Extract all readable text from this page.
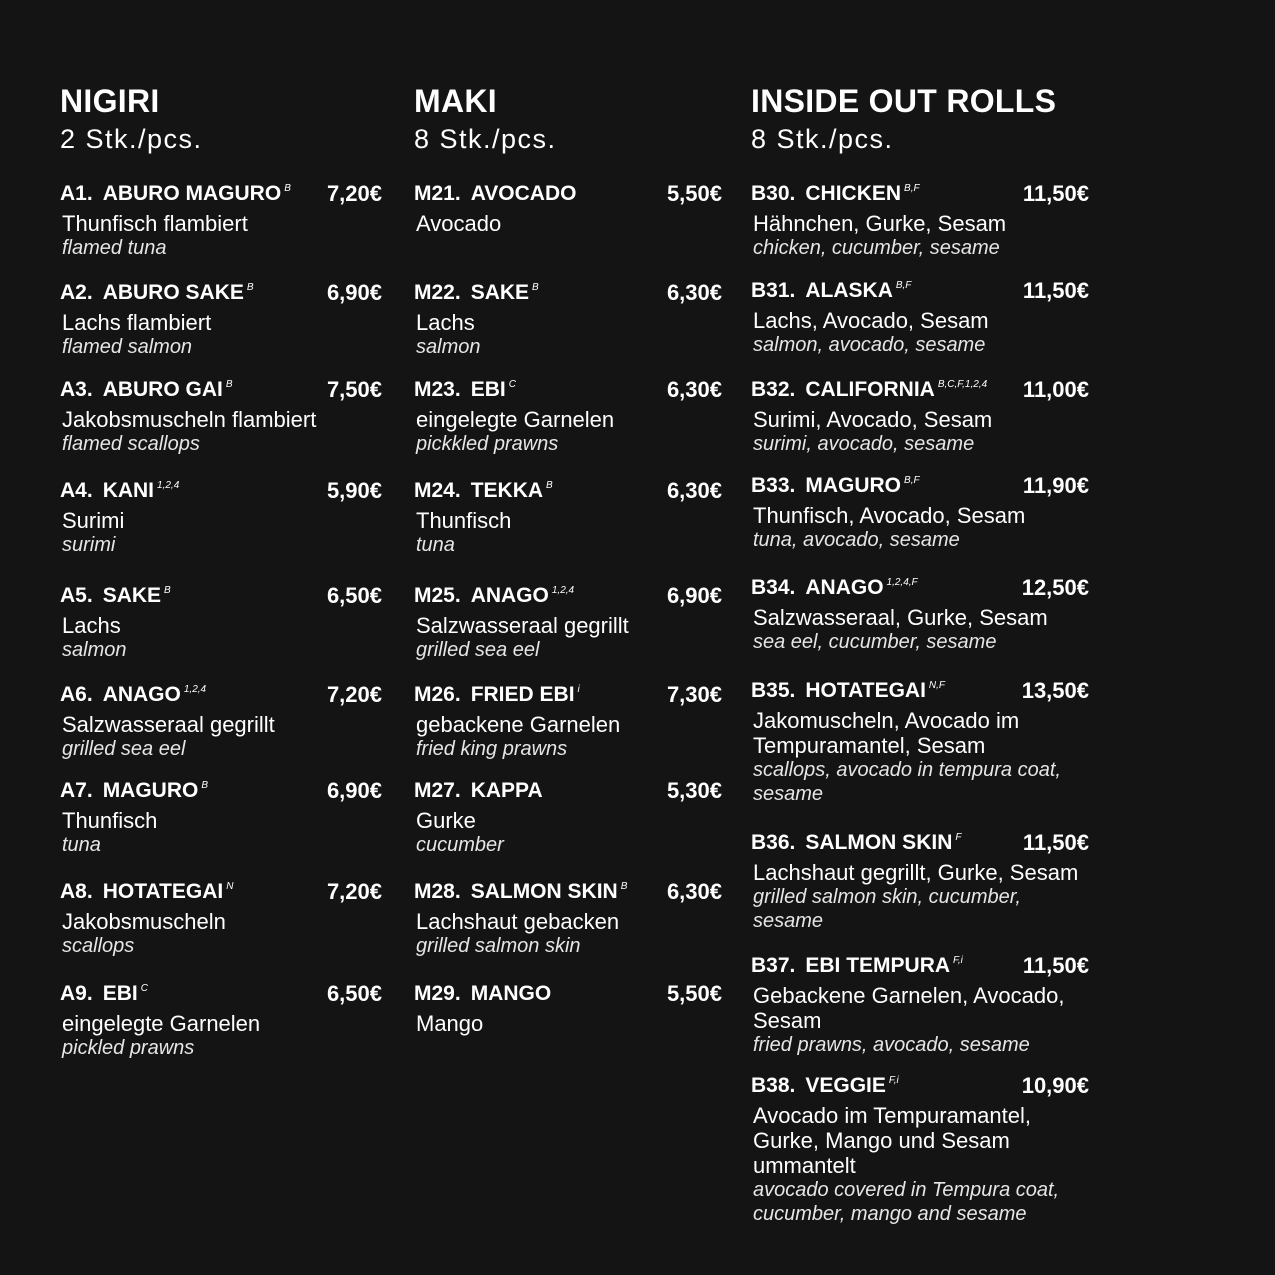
NIGIRI
2 Stk./pcs.
A1. ABURO MAGURO $^B$ 7,20€
Thunfisch flambiert
flamed tuna
A2. ABURO SAKE $^B$	6,90€
Lachs flambiert
flamed salmon
A3. ABURO GAI $^B$	7,50€
Jakobsmuscheln flambiert
flamed scallops
A4. KANI $^{1,2,4}$	5,90€
Surimi
surimi
A5. SAKE $^B$	6,50€
Lachs
salmon
A6. ANAGO $^{1,2,4}$	7,20€
Salzwasseraal gegrillt
grilled sea eel
A7. MAGURO $^B$	6,90€
Thunfisch
tuna
A8. HOTATEGAI $^N$	7,20€
Jakobsmuscheln
scallops
A9. EBI $^C$	6,50€
eingelegte Garnelen
pickled prawns
MAKI
8 Stk./pcs.
M21. AVOCADO	5,50€
Avocado
M22. SAKE $^B$	6,30€
Lachs
salmon
M23. EBI $^C$	6,30€
eingelegte Garnelen
pickkled prawns
M24. TEKKA $^B$	6,30€
Thunfisch
tuna
M25. ANAGO $^{1,2,4}$	6,90€
Salzwasseraal gegrillt
grilled sea eel
M26. FRIED EBI $^i$	7,30€
gebackene Garnelen
fried king prawns
M27. KAPPA	5,30€
Gurke
cucumber
M28. SALMON SKIN $^B$ 6,30€
Lachshaut gebacken
grilled salmon skin
M29. MANGO	5,50€
Mango
INSIDE OUT ROLLS
8 Stk./pcs.
B30. CHICKEN $^{B,F}$	11,50€
Hähnchen, Gurke, Sesam
chicken, cucumber, sesame
B31. ALASKA $^{B,F}$	11,50€
Lachs, Avocado, Sesam
salmon, avocado, sesame
B32. CALIFORNIA $^{B,C,F,1,2,4}$ 11,00€
Surimi, Avocado, Sesam
surimi, avocado, sesame
B33. MAGURO $^{B,F}$	11,90€
Thunfisch, Avocado, Sesam
tuna, avocado, sesame
B34. ANAGO $^{1,2,4,F}$	12,50€
Salzwasseraal, Gurke, Sesam
sea eel, cucumber, sesame
B35. HOTATEGAI $^{N,F}$	13,50€
Jakomuscheln, Avocado im Tempuramantel, Sesam
scallops, avocado in tempura coat, sesame
B36. SALMON SKIN $^F$	11,50€
Lachshaut gegrillt, Gurke, Sesam
grilled salmon skin, cucumber, sesame
B37. EBI TEMPURA $^{F,i}$	11,50€
Gebackene Garnelen, Avocado, Sesam
fried prawns, avocado, sesame
B38. VEGGIE $^{F,i}$	10,90€
Avocado im Tempuramantel, Gurke, Mango und Sesam ummantelt
avocado covered in Tempura coat, cucumber, mango and sesame
